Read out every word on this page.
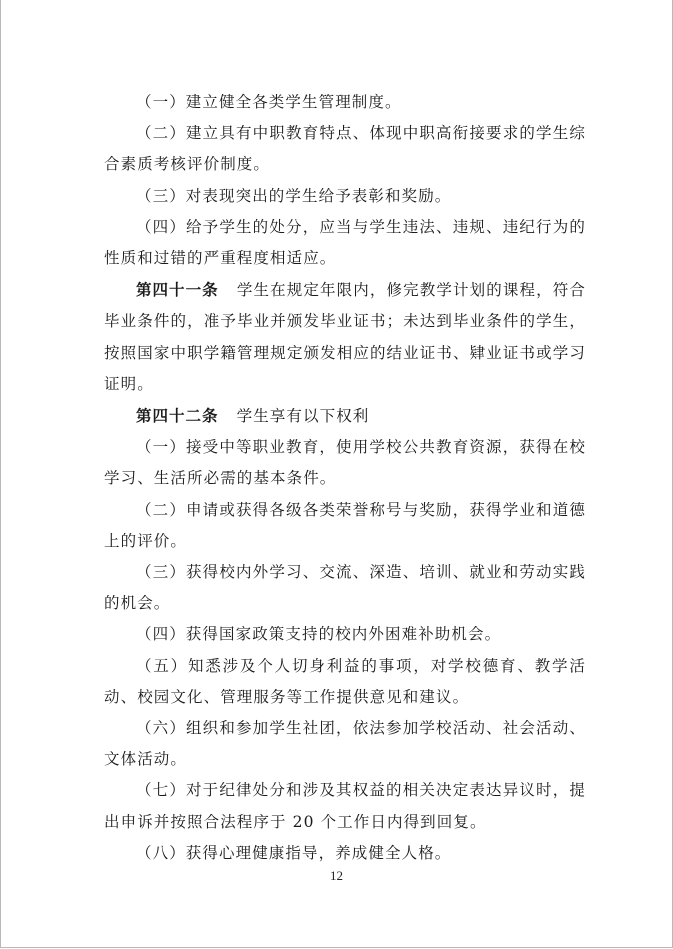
（一）建立健全各类学生管理制度。

（二）建立具有中职教育特点、体现中职高衔接要求的学生综合素质考核评价制度。

（三）对表现突出的学生给予表彰和奖励。

（四）给予学生的处分，应当与学生违法、违规、违纪行为的性质和过错的严重程度相适应。

第四十一条 学生在规定年限内，修完教学计划的课程，符合毕业条件的，准予毕业并颁发毕业证书；未达到毕业条件的学生，按照国家中职学籍管理规定颁发相应的结业证书、肄业证书或学习证明。

第四十二条 学生享有以下权利

（一）接受中等职业教育，使用学校公共教育资源，获得在校学习、生活所必需的基本条件。

（二）申请或获得各级各类荣誉称号与奖励，获得学业和道德上的评价。

（三）获得校内外学习、交流、深造、培训、就业和劳动实践的机会。

（四）获得国家政策支持的校内外困难补助机会。

（五）知悉涉及个人切身利益的事项，对学校德育、教学活动、校园文化、管理服务等工作提供意见和建议。

（六）组织和参加学生社团，依法参加学校活动、社会活动、文体活动。

（七）对于纪律处分和涉及其权益的相关决定表达异议时，提出申诉并按照合法程序于 20 个工作日内得到回复。

（八）获得心理健康指导，养成健全人格。

12
